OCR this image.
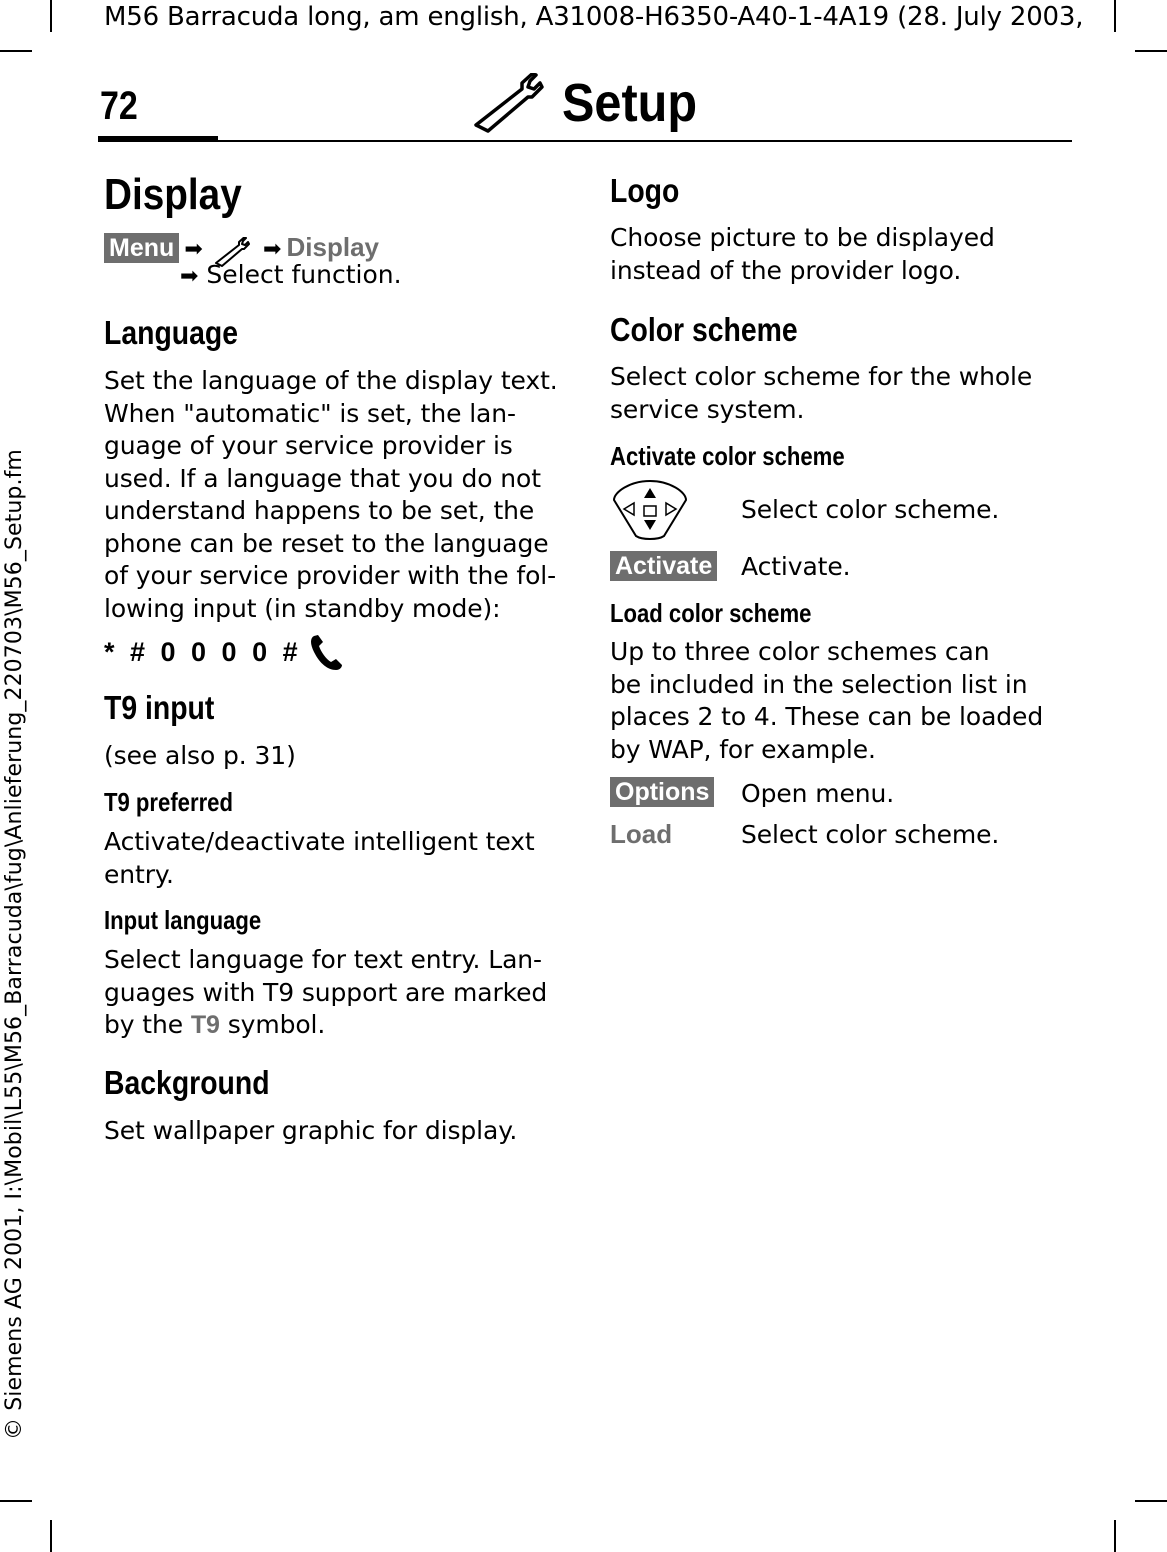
M56 Barracuda long, am english, A31008-H6350-A40-1-4A19 (28. July 2003,
© Siemens AG 2001, I:\Mobil\L55\M56_Barracuda\fug\Anlieferung_220703\M56_Setup.fm
72	Setup
Display
Menu ➡	➡ Display
➡ Select function.
Language
Set the language of the display text.
When "automatic" is set, the lan-
guage of your service provider is
used. If a language that you do not
understand happens to be set, the
phone can be reset to the language
of your service provider with the fol-
lowing input (in standby mode):
* # 0 0 0 0 #
T9 input
(see also p. 31)
T9 preferred
Activate/deactivate intelligent text
entry.
Input language
Select language for text entry. Lan-
guages with T9 support are marked
by the T9 symbol.
Background
Set wallpaper graphic for display.
Logo
Choose picture to be displayed
instead of the provider logo.
Color scheme
Select color scheme for the whole
service system.
Activate color scheme
Select color scheme.
Activate Activate.
Load color scheme
Up to three color schemes can
be included in the selection list in
places 2 to 4. These can be loaded
by WAP, for example.
Options Open menu.
Load	Select color scheme.
